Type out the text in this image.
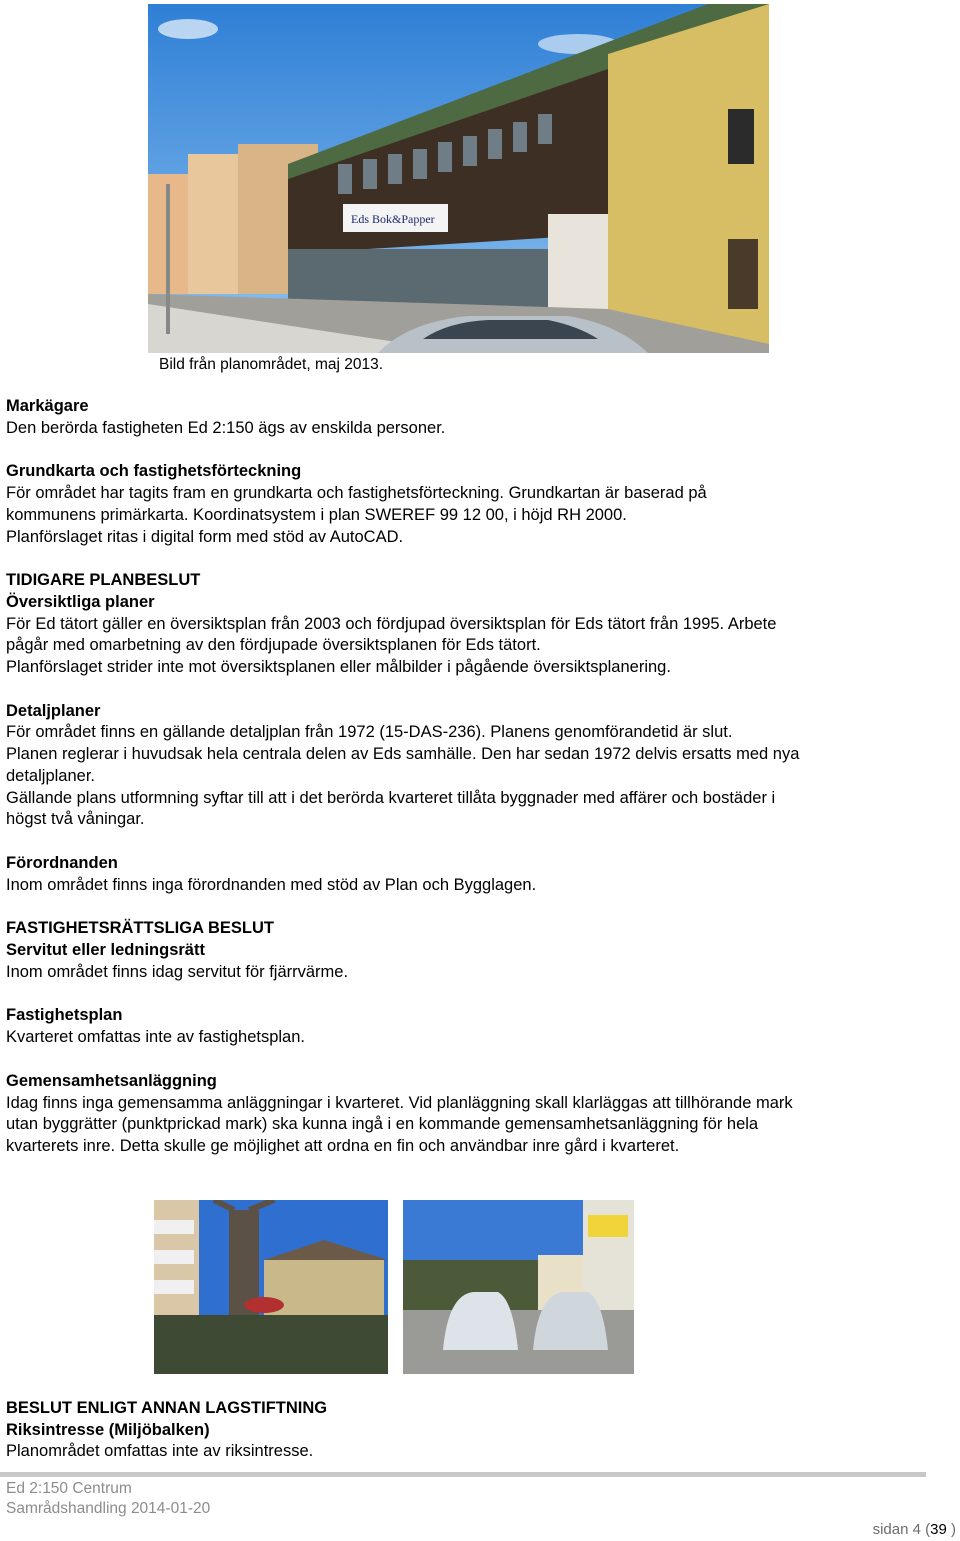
Eds Bok&Papper
Bild från planområdet, maj 2013.

Markägare

Den berörda fastigheten Ed 2:150 ägs av enskilda personer.

Grundkarta och fastighetsförteckning

För området har tagits fram en grundkarta och fastighetsförteckning. Grundkartan är baserad på

kommunens primärkarta. Koordinatsystem i plan SWEREF 99 12 00, i höjd RH 2000.

Planförslaget ritas i digital form med stöd av AutoCAD.

TIDIGARE PLANBESLUT

Översiktliga planer

För Ed tätort gäller en översiktsplan från 2003 och fördjupad översiktsplan för Eds tätort från 1995. Arbete

pågår med omarbetning av den fördjupade översiktsplanen för Eds tätort.

Planförslaget strider inte mot översiktsplanen eller målbilder i pågående översiktsplanering.

Detaljplaner

För området finns en gällande detaljplan från 1972 (15-DAS-236). Planens genomförandetid är slut.

Planen reglerar i huvudsak hela centrala delen av Eds samhälle. Den har sedan 1972 delvis ersatts med nya

detaljplaner.

Gällande plans utformning syftar till att i det berörda kvarteret tillåta byggnader med affärer och bostäder i

högst två våningar.

Förordnanden

Inom området finns inga förordnanden med stöd av Plan och Bygglagen.

FASTIGHETSRÄTTSLIGA BESLUT

Servitut eller ledningsrätt

Inom området finns idag servitut för fjärrvärme.

Fastighetsplan

Kvarteret omfattas inte av fastighetsplan.

Gemensamhetsanläggning

Idag finns inga gemensamma anläggningar i kvarteret. Vid planläggning skall klarläggas att tillhörande mark

utan byggrätter (punktprickad mark) ska kunna ingå i en kommande gemensamhetsanläggning för hela

kvarterets inre. Detta skulle ge möjlighet att ordna en fin och användbar inre gård i kvarteret.

BESLUT ENLIGT ANNAN LAGSTIFTNING

Riksintresse (Miljöbalken)

Planområdet omfattas inte av riksintresse.

Ed 2:150 Centrum
Samrådshandling 2014-01-20
sidan 4 (39 )
